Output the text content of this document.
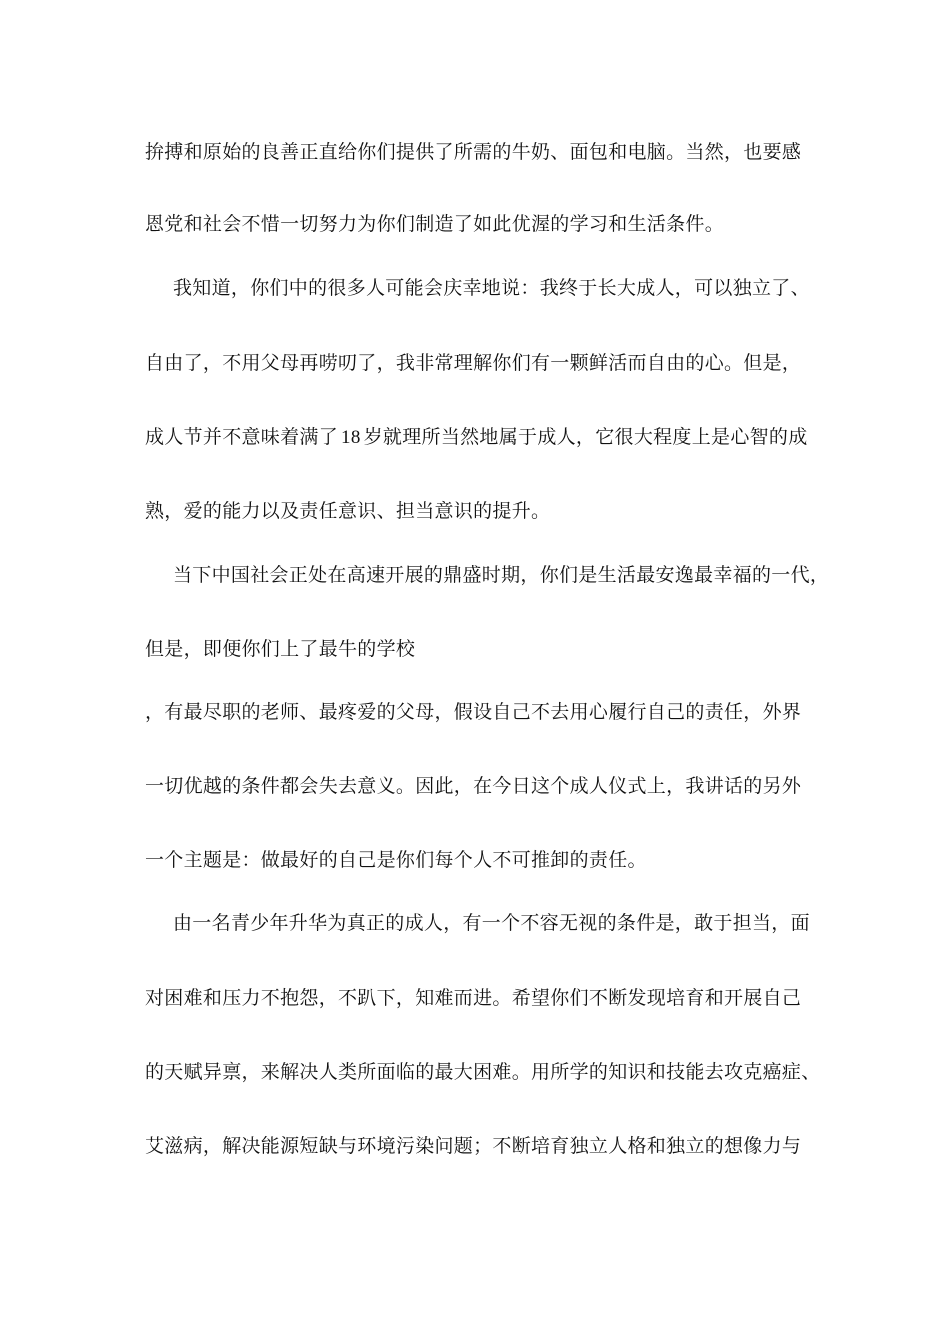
拚搏和原始的良善正直给你们提供了所需的牛奶、面包和电脑。当然，也要感
恩党和社会不惜一切努力为你们制造了如此优渥的学习和生活条件。
我知道，你们中的很多人可能会庆幸地说：我终于长大成人，可以独立了、
自由了，不用父母再唠叨了，我非常理解你们有一颗鲜活而自由的心。但是，
成人节并不意味着满了 18 岁就理所当然地属于成人，它很大程度上是心智的成
熟，爱的能力以及责任意识、担当意识的提升。
当下中国社会正处在高速开展的鼎盛时期，你们是生活最安逸最幸福的一代，
但是，即便你们上了最牛的学校
，有最尽职的老师、最疼爱的父母，假设自己不去用心履行自己的责任，外界
一切优越的条件都会失去意义。因此，在今日这个成人仪式上，我讲话的另外
一个主题是：做最好的自己是你们每个人不可推卸的责任。
由一名青少年升华为真正的成人，有一个不容无视的条件是，敢于担当，面
对困难和压力不抱怨，不趴下，知难而进。希望你们不断发现培育和开展自己
的天赋异禀，来解决人类所面临的最大困难。用所学的知识和技能去攻克癌症、
艾滋病，解决能源短缺与环境污染问题；不断培育独立人格和独立的想像力与
